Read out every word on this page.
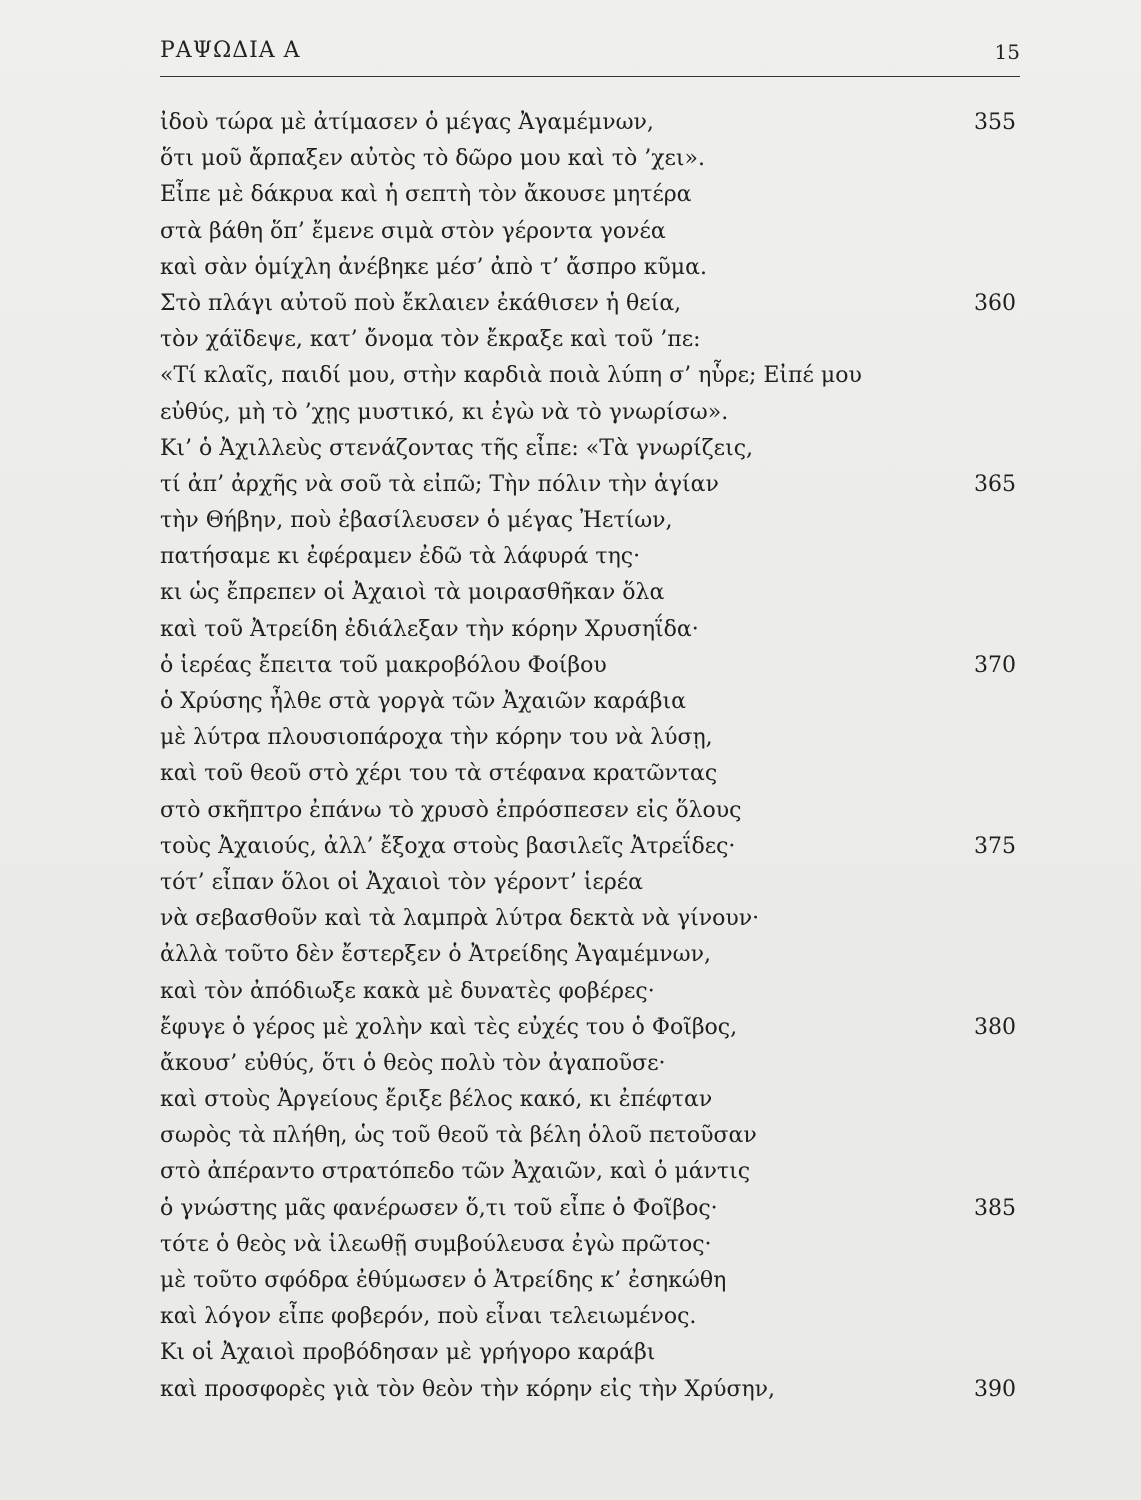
ΡΑΨΩΔΙΑ Α	15
ἰδοὺ τώρα μὲ ἀτίμασεν ὁ μέγας Ἀγαμέμνων,	355
ὅτι μοῦ ἄρπαξεν αὐτὸς τὸ δῶρο μου καὶ τὸ ’χει».
Εἶπε μὲ δάκρυα καὶ ἡ σεπτὴ τὸν ἄκουσε μητέρα
στὰ βάθη ὅπ’ ἔμενε σιμὰ στὸν γέροντα γονέα
καὶ σὰν ὁμίχλη ἀνέβηκε μέσ’ ἀπὸ τ’ ἄσπρο κῦμα.
Στὸ πλάγι αὐτοῦ ποὺ ἔκλαιεν ἐκάθισεν ἡ θεία,	360
τὸν χάϊδεψε, κατ’ ὄνομα τὸν ἔκραξε καὶ τοῦ ’πε:
«Τί κλαῖς, παιδί μου, στὴν καρδιὰ ποιὰ λύπη σ’ ηὗρε; Εἰπέ μου
εὐθύς, μὴ τὸ ’χῃς μυστικό, κι ἐγὼ νὰ τὸ γνωρίσω».
Κι’ ὁ Ἀχιλλεὺς στενάζοντας τῆς εἶπε: «Τὰ γνωρίζεις,
τί ἀπ’ ἀρχῆς νὰ σοῦ τὰ εἰπῶ; Τὴν πόλιν τὴν ἁγίαν	365
τὴν Θήβην, ποὺ ἐβασίλευσεν ὁ μέγας Ἠετίων,
πατήσαμε κι ἐφέραμεν ἐδῶ τὰ λάφυρά της·
κι ὡς ἔπρεπεν οἱ Ἀχαιοὶ τὰ μοιρασθῆκαν ὅλα
καὶ τοῦ Ἀτρείδη ἐδιάλεξαν τὴν κόρην Χρυσηΐδα·
ὁ ἱερέας ἔπειτα τοῦ μακροβόλου Φοίβου	370
ὁ Χρύσης ἦλθε στὰ γοργὰ τῶν Ἀχαιῶν καράβια
μὲ λύτρα πλουσιοπάροχα τὴν κόρην του νὰ λύσῃ,
καὶ τοῦ θεοῦ στὸ χέρι του τὰ στέφανα κρατῶντας
στὸ σκῆπτρο ἐπάνω τὸ χρυσὸ ἐπρόσπεσεν εἰς ὅλους
τοὺς Ἀχαιούς, ἀλλ’ ἔξοχα στοὺς βασιλεῖς Ἀτρεΐδες·	375
τότ’ εἶπαν ὅλοι οἱ Ἀχαιοὶ τὸν γέροντ’ ἱερέα
νὰ σεβασθοῦν καὶ τὰ λαμπρὰ λύτρα δεκτὰ νὰ γίνουν·
ἀλλὰ τοῦτο δὲν ἔστερξεν ὁ Ἀτρείδης Ἀγαμέμνων,
καὶ τὸν ἀπόδιωξε κακὰ μὲ δυνατὲς φοβέρες·
ἔφυγε ὁ γέρος μὲ χολὴν καὶ τὲς εὐχές του ὁ Φοῖβος,	380
ἄκουσ’ εὐθύς, ὅτι ὁ θεὸς πολὺ τὸν ἀγαποῦσε·
καὶ στοὺς Ἀργείους ἔριξε βέλος κακό, κι ἐπέφταν
σωρὸς τὰ πλήθη, ὡς τοῦ θεοῦ τὰ βέλη ὁλοῦ πετοῦσαν
στὸ ἀπέραντο στρατόπεδο τῶν Ἀχαιῶν, καὶ ὁ μάντις
ὁ γνώστης μᾶς φανέρωσεν ὅ,τι τοῦ εἶπε ὁ Φοῖβος·	385
τότε ὁ θεὸς νὰ ἱλεωθῇ συμβούλευσα ἐγὼ πρῶτος·
μὲ τοῦτο σφόδρα ἐθύμωσεν ὁ Ἀτρείδης κ’ ἐσηκώθη
καὶ λόγον εἶπε φοβερόν, ποὺ εἶναι τελειωμένος.
Κι οἱ Ἀχαιοὶ προβόδησαν μὲ γρήγορο καράβι
καὶ προσφορὲς γιὰ τὸν θεὸν τὴν κόρην εἰς τὴν Χρύσην,	390
